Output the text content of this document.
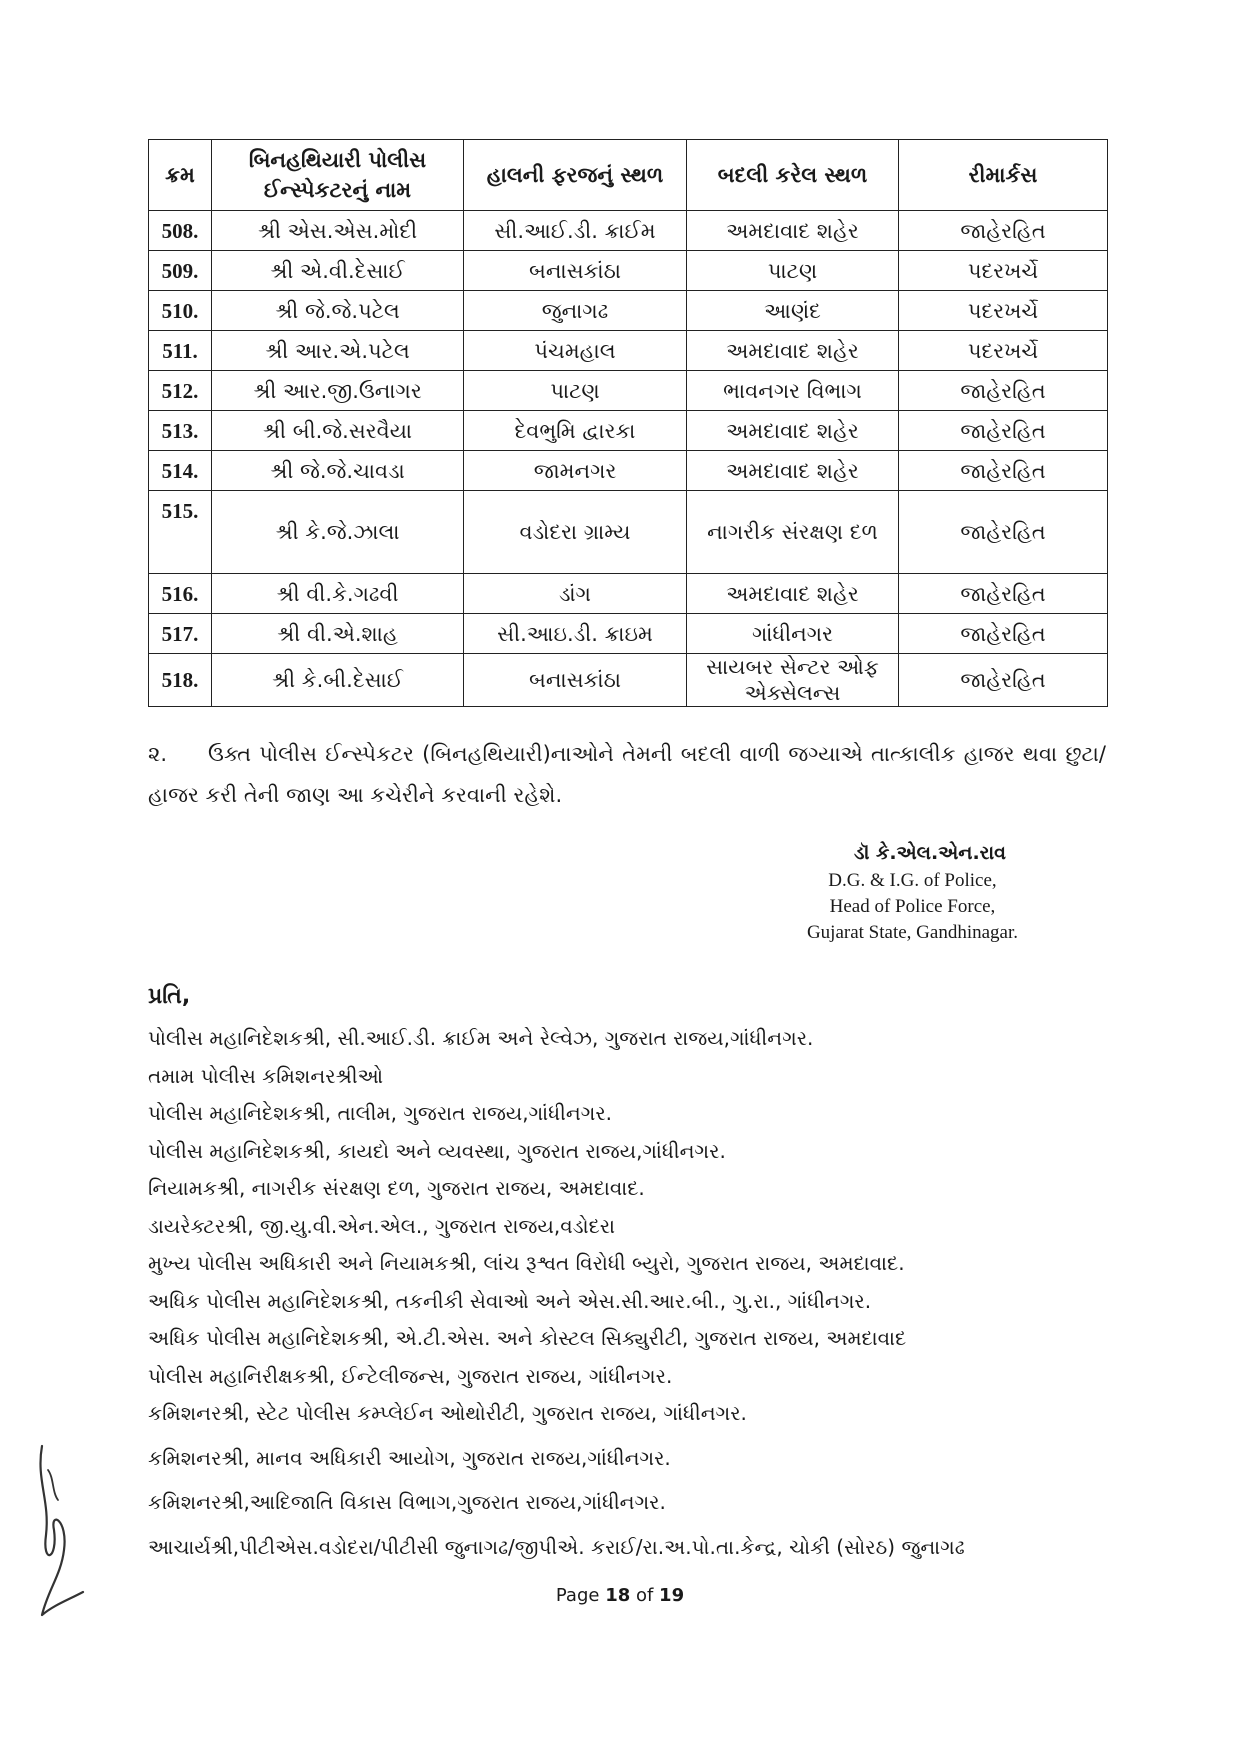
ક્રમ	બિનહથિયારી પોલીસ ઈન્સ્પેકટરનું નામ	હાલની ફરજનું સ્થળ	બદલી કરેલ સ્થળ	રીમાર્કસ
508.	શ્રી એસ.એસ.મોદી	સી.આઈ.ડી. ક્રાઈમ	અમદાવાદ શહેર	જાહેરહિત
509.	શ્રી એ.વી.દેસાઈ	બનાસકાંઠા	પાટણ	પદરખર્ચે
510.	શ્રી જે.જે.પટેલ	જુનાગઢ	આણંદ	પદરખર્ચે
511.	શ્રી આર.એ.પટેલ	પંચમહાલ	અમદાવાદ શહેર	પદરખર્ચે
512.	શ્રી આર.જી.ઉનાગર	પાટણ	ભાવનગર વિભાગ	જાહેરહિત
513.	શ્રી બી.જે.સરવૈયા	દેવભુમિ દ્વારકા	અમદાવાદ શહેર	જાહેરહિત
514.	શ્રી જે.જે.ચાવડા	જામનગર	અમદાવાદ શહેર	જાહેરહિત
515.	શ્રી કે.જે.ઝાલા	વડોદરા ગ્રામ્ય	નાગરીક સંરક્ષણ દળ	જાહેરહિત
516.	શ્રી વી.કે.ગઢવી	ડાંગ	અમદાવાદ શહેર	જાહેરહિત
517.	શ્રી વી.એ.શાહ	સી.આઇ.ડી. ક્રાઇમ	ગાંધીનગર	જાહેરહિત
518.	શ્રી કે.બી.દેસાઈ	બનાસકાંઠા	સાયબર સેન્ટર ઓફ એક્સેલન્સ	જાહેરહિત
૨. ઉક્ત પોલીસ ઈન્સ્પેકટર (બિનહથિયારી)નાઓને તેમની બદલી વાળી જગ્યાએ તાત્કાલીક હાજર થવા છુટા/હાજર કરી તેની જાણ આ કચેરીને કરવાની રહેશે.
ડૉ કે.એલ.એન.રાવ
D.G. & I.G. of Police,
Head of Police Force,
Gujarat State, Gandhinagar.
પ્રતિ,
પોલીસ મહાનિદેશકશ્રી, સી.આઈ.ડી. ક્રાઈમ અને રેલ્વેઝ, ગુજરાત રાજય,ગાંધીનગર.
તમામ પોલીસ કમિશનરશ્રીઓ
પોલીસ મહાનિદેશકશ્રી, તાલીમ, ગુજરાત રાજય,ગાંધીનગર.
પોલીસ મહાનિદેશકશ્રી, કાયદો અને વ્યવસ્થા, ગુજરાત રાજય,ગાંધીનગર.
નિયામકશ્રી, નાગરીક સંરક્ષણ દળ, ગુજરાત રાજય, અમદાવાદ.
ડાયરેક્ટરશ્રી, જી.યુ.વી.એન.એલ., ગુજરાત રાજય,વડોદરા
મુખ્ય પોલીસ અધિકારી અને નિયામકશ્રી, લાંચ રૂશ્વત વિરોધી બ્યુરો, ગુજરાત રાજય, અમદાવાદ.
અધિક પોલીસ મહાનિદેશકશ્રી, તકનીકી સેવાઓ અને એસ.સી.આર.બી., ગુ.રા., ગાંધીનગર.
અધિક પોલીસ મહાનિદેશકશ્રી, એ.ટી.એસ. અને કોસ્ટલ સિક્યુરીટી, ગુજરાત રાજય, અમદાવાદ
પોલીસ મહાનિરીક્ષકશ્રી, ઈન્ટેલીજન્સ, ગુજરાત રાજય, ગાંધીનગર.
કમિશનરશ્રી, સ્ટેટ પોલીસ કમ્પ્લેઈન ઓથોરીટી, ગુજરાત રાજય, ગાંધીનગર.
કમિશનરશ્રી, માનવ અધિકારી આયોગ, ગુજરાત રાજય,ગાંધીનગર.
કમિશનરશ્રી,આદિજાતિ વિકાસ વિભાગ,ગુજરાત રાજય,ગાંધીનગર.
આચાર્યશ્રી,પીટીએસ.વડોદરા/પીટીસી જુનાગઢ/જીપીએ. કરાઈ/રા.અ.પો.તા.કેન્દ્ર, ચોકી (સોરઠ) જુનાગઢ
Page 18 of 19
